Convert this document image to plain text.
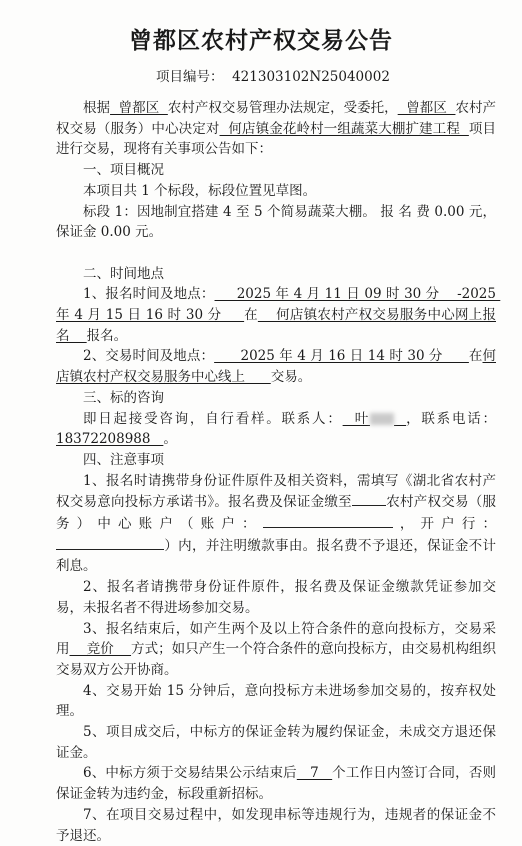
曾都区农村产权交易公告
项目编号：  421303102N25040002

根据  曾都区  农村产权交易管理办法规定，受委托，  曾都区  农村产权交易（服务）中心决定对  何店镇金花岭村一组蔬菜大棚扩建工程  项目进行交易，现将有关事项公告如下：

一、项目概况

本项目共 1 个标段，标段位置见草图。

标段 1：因地制宜搭建 4 至 5 个简易蔬菜大棚。 报 名 费 0.00 元，保证金 0.00 元。

二、时间地点

1、报名时间及地点：     2025 年 4 月 11 日 09 时 30 分    -2025 年 4 月 15 日 16 时 30 分     在    何店镇农村产权交易服务中心网上报名    报名。

2、交易时间及地点：      2025 年 4 月 16 日 14 时 30 分      在何店镇农村产权交易服务中心线上      交易。

三、标的咨询

即日起接受咨询，自行看样。联系人：  叶	，联系电话：18372208988   。

四、注意事项

1、报名时请携带身份证件原件及相关资料，需填写《湖北省农村产权交易意向投标方承诺书》。报名费及保证金缴至	农村产权交易（服务）中心账户（账户：	，开户行：）内，并注明缴款事由。报名费不予退还，保证金不计利息。

2、报名者请携带身份证件原件，报名费及保证金缴款凭证参加交易，未报名者不得进场参加交易。

3、报名结束后，如产生两个及以上符合条件的意向投标方，交易采用    竞价    方式；如只产生一个符合条件的意向投标方，由交易机构组织交易双方公开协商。

4、交易开始 15 分钟后，意向投标方未进场参加交易的，按弃权处理。

5、项目成交后，中标方的保证金转为履约保证金，未成交方退还保证金。

6、中标方须于交易结果公示结束后   7   个工作日内签订合同，否则保证金转为违约金，标段重新招标。

7、在项目交易过程中，如发现串标等违规行为，违规者的保证金不予退还。
